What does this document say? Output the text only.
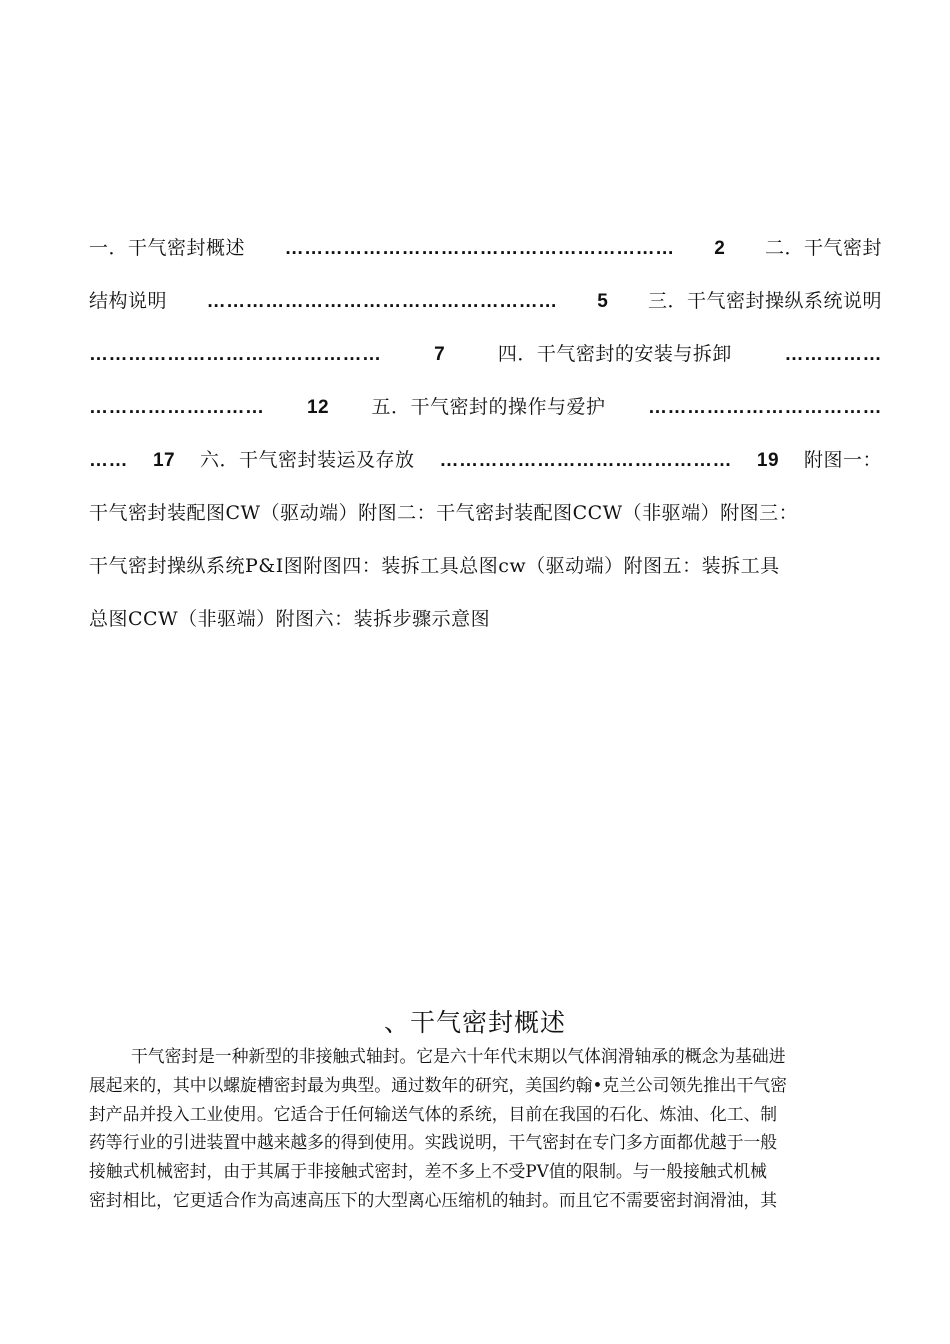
一．干气密封概述 …………………………………………………… 2 二．干气密封
结构说明 ……………………………………………… 5 三．干气密封操纵系统说明
………………………………………	7	四．干气密封的安装与拆卸	……………
……………………… 12 五．干气密封的操作与爱护 ………………………………
…… 17 六．干气密封装运及存放 ……………………………………… 19 附图一：
干气密封装配图CW（驱动端）附图二：干气密封装配图CCW（非驱端）附图三：
干气密封操纵系统P&I图附图四：装拆工具总图cw（驱动端）附图五：装拆工具
总图CCW（非驱端）附图六：装拆步骤示意图
、干气密封概述
干气密封是一种新型的非接触式轴封。它是六十年代末期以气体润滑轴承的概念为基础进
展起来的，其中以螺旋槽密封最为典型。通过数年的研究，美国约翰•克兰公司领先推出干气密
封产品并投入工业使用。它适合于任何输送气体的系统，目前在我国的石化、炼油、化工、制
药等行业的引进装置中越来越多的得到使用。实践说明，干气密封在专门多方面都优越于一般
接触式机械密封，由于其属于非接触式密封，差不多上不受PV值的限制。与一般接触式机械
密封相比，它更适合作为高速高压下的大型离心压缩机的轴封。而且它不需要密封润滑油，其
